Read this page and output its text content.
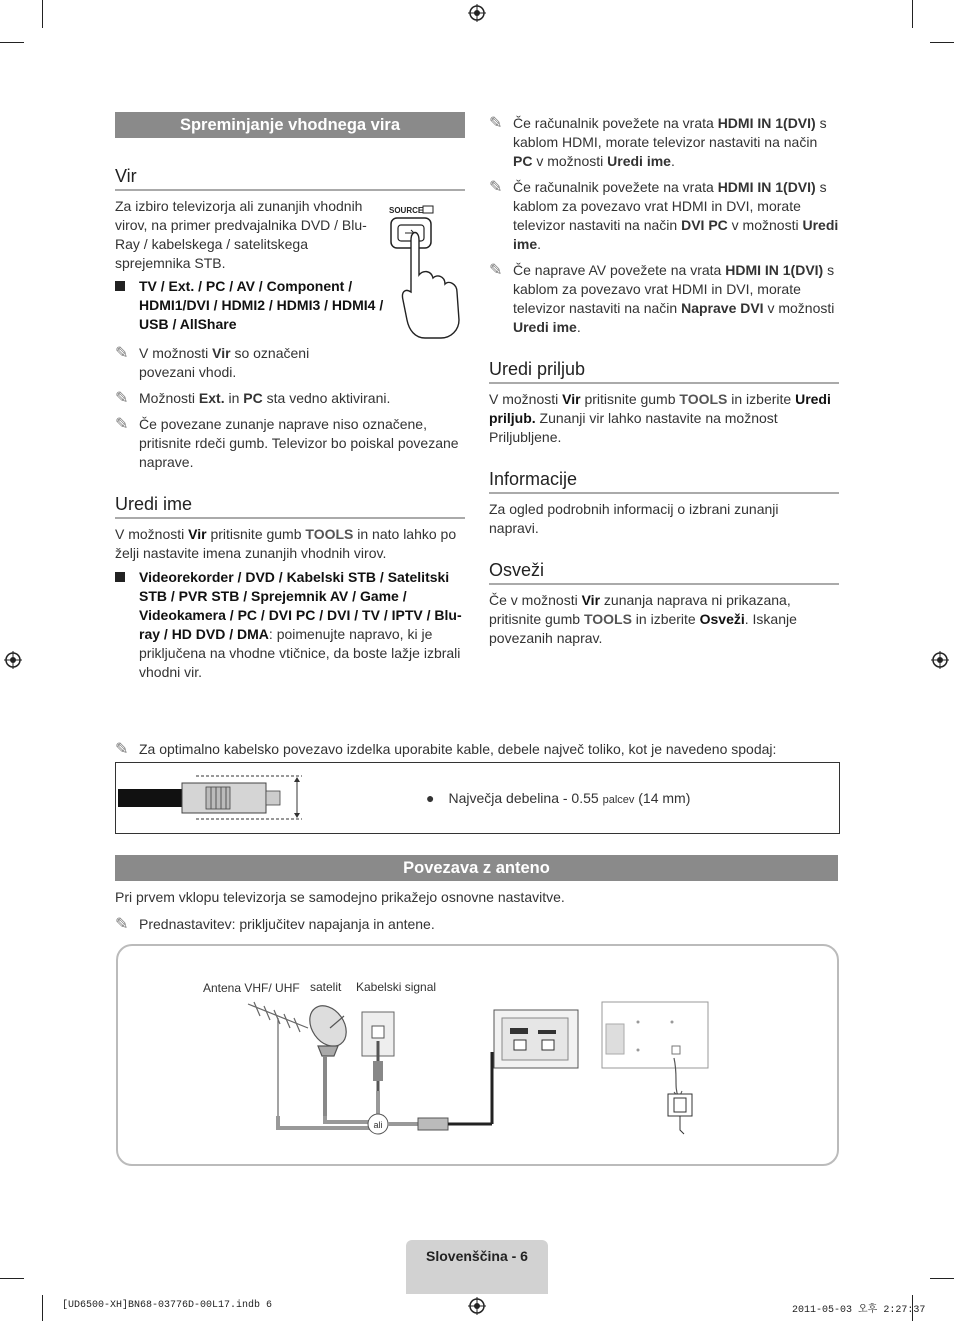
Spreminjanje vhodnega vira
Vir
Za izbiro televizorja ali zunanjih vhodnih virov, na primer predvajalnika DVD / Blu-Ray / kabelskega / satelitskega sprejemnika STB.
SOURCE
TV / Ext. / PC / AV / Component / HDMI1/DVI / HDMI2 / HDMI3 / HDMI4 / USB / AllShare
✎ V možnosti Vir so označeni povezani vhodi.
✎ Možnosti Ext. in PC sta vedno aktivirani.
✎ Če povezane zunanje naprave niso označene, pritisnite rdeči gumb. Televizor bo poiskal povezane naprave.
Uredi ime
V možnosti Vir pritisnite gumb TOOLS in nato lahko po želji nastavite imena zunanjih vhodnih virov.
Videorekorder / DVD / Kabelski STB / Satelitski STB / PVR STB / Sprejemnik AV / Game / Videokamera / PC / DVI PC / DVI / TV / IPTV / Blu- ray / HD DVD / DMA: poimenujte napravo, ki je priključena na vhodne vtičnice, da boste lažje izbrali vhodni vir.
✎ Če računalnik povežete na vrata HDMI IN 1(DVI) s kablom HDMI, morate televizor nastaviti na način PC v možnosti Uredi ime.
✎ Če računalnik povežete na vrata HDMI IN 1(DVI) s kablom za povezavo vrat HDMI in DVI, morate televizor nastaviti na način DVI PC v možnosti Uredi ime.
✎ Če naprave AV povežete na vrata HDMI IN 1(DVI) s kablom za povezavo vrat HDMI in DVI, morate televizor nastaviti na način Naprave DVI v možnosti Uredi ime.
Uredi priljub
V možnosti Vir pritisnite gumb TOOLS in izberite Uredi priljub. Zunanji vir lahko nastavite na možnost Priljubljene.
Informacije
Za ogled podrobnih informacij o izbrani zunanji napravi.
Osveži
Če v možnosti Vir zunanja naprava ni prikazana, pritisnite gumb TOOLS in izberite Osveži. Iskanje povezanih naprav.
✎ Za optimalno kabelsko povezavo izdelka uporabite kable, debele največ toliko, kot je navedeno spodaj:
● Največja debelina - 0.55 palcev (14 mm)
Povezava z anteno
Pri prvem vklopu televizorja se samodejno prikažejo osnovne nastavitve.
✎ Prednastavitev: priključitev napajanja in antene.
Antena VHF/ UHF satelit Kabelski signal
ali
Slovenščina - 6
[UD6500-XH]BN68-03776D-00L17.indb 6	2011-05-03 오후 2:27:37
